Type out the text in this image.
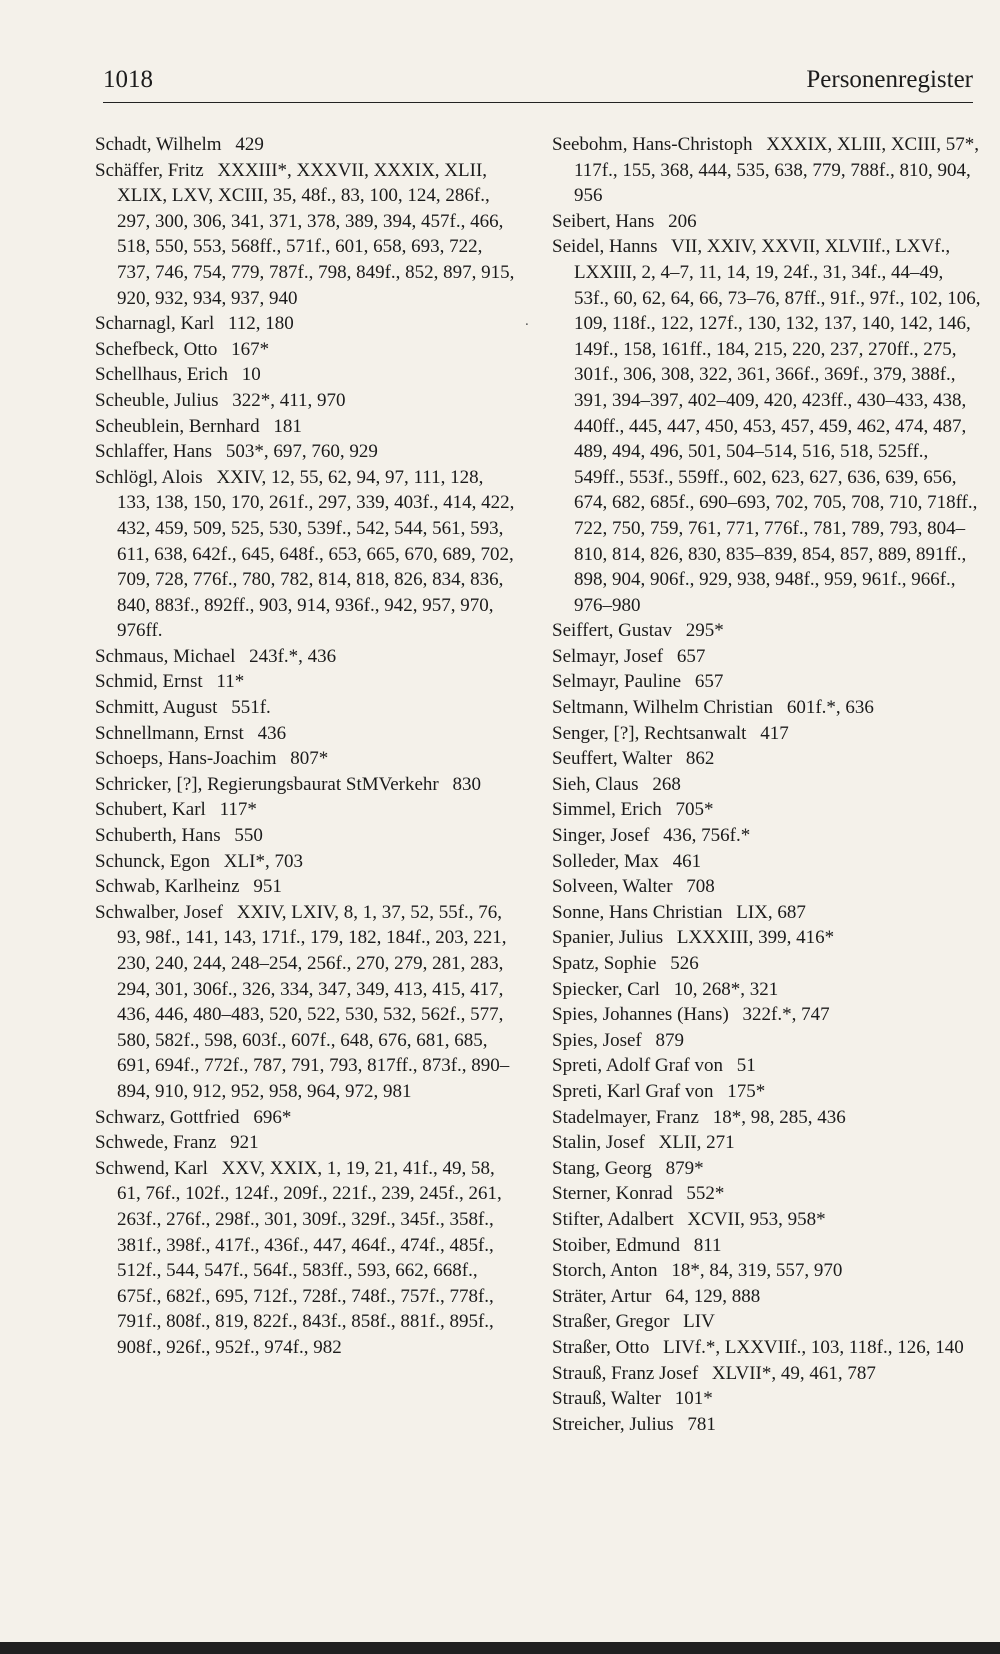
1018	Personenregister
Schadt, Wilhelm 429
Schäffer, Fritz XXXIII*, XXXVII, XXXIX, XLII, XLIX, LXV, XCIII, 35, 48f., 83, 100, 124, 286f., 297, 300, 306, 341, 371, 378, 389, 394, 457f., 466, 518, 550, 553, 568ff., 571f., 601, 658, 693, 722, 737, 746, 754, 779, 787f., 798, 849f., 852, 897, 915, 920, 932, 934, 937, 940
Scharnagl, Karl 112, 180
Schefbeck, Otto 167*
Schellhaus, Erich 10
Scheuble, Julius 322*, 411, 970
Scheublein, Bernhard 181
Schlaffer, Hans 503*, 697, 760, 929
Schlögl, Alois XXIV, 12, 55, 62, 94, 97, 111, 128, 133, 138, 150, 170, 261f., 297, 339, 403f., 414, 422, 432, 459, 509, 525, 530, 539f., 542, 544, 561, 593, 611, 638, 642f., 645, 648f., 653, 665, 670, 689, 702, 709, 728, 776f., 780, 782, 814, 818, 826, 834, 836, 840, 883f., 892ff., 903, 914, 936f., 942, 957, 970, 976ff.
Schmaus, Michael 243f.*, 436
Schmid, Ernst 11*
Schmitt, August 551f.
Schnellmann, Ernst 436
Schoeps, Hans-Joachim 807*
Schricker, [?], Regierungsbaurat StMVerkehr 830
Schubert, Karl 117*
Schuberth, Hans 550
Schunck, Egon XLI*, 703
Schwab, Karlheinz 951
Schwalber, Josef XXIV, LXIV, 8, 1, 37, 52, 55f., 76, 93, 98f., 141, 143, 171f., 179, 182, 184f., 203, 221, 230, 240, 244, 248–254, 256f., 270, 279, 281, 283, 294, 301, 306f., 326, 334, 347, 349, 413, 415, 417, 436, 446, 480–483, 520, 522, 530, 532, 562f., 577, 580, 582f., 598, 603f., 607f., 648, 676, 681, 685, 691, 694f., 772f., 787, 791, 793, 817ff., 873f., 890–894, 910, 912, 952, 958, 964, 972, 981
Schwarz, Gottfried 696*
Schwede, Franz 921
Schwend, Karl XXV, XXIX, 1, 19, 21, 41f., 49, 58, 61, 76f., 102f., 124f., 209f., 221f., 239, 245f., 261, 263f., 276f., 298f., 301, 309f., 329f., 345f., 358f., 381f., 398f., 417f., 436f., 447, 464f., 474f., 485f., 512f., 544, 547f., 564f., 583ff., 593, 662, 668f., 675f., 682f., 695, 712f., 728f., 748f., 757f., 778f., 791f., 808f., 819, 822f., 843f., 858f., 881f., 895f., 908f., 926f., 952f., 974f., 982
Seebohm, Hans-Christoph XXXIX, XLIII, XCIII, 57*, 117f., 155, 368, 444, 535, 638, 779, 788f., 810, 904, 956
Seibert, Hans 206
Seidel, Hanns VII, XXIV, XXVII, XLVIIf., LXVf., LXXIII, 2, 4–7, 11, 14, 19, 24f., 31, 34f., 44–49, 53f., 60, 62, 64, 66, 73–76, 87ff., 91f., 97f., 102, 106, 109, 118f., 122, 127f., 130, 132, 137, 140, 142, 146, 149f., 158, 161ff., 184, 215, 220, 237, 270ff., 275, 301f., 306, 308, 322, 361, 366f., 369f., 379, 388f., 391, 394–397, 402–409, 420, 423ff., 430–433, 438, 440ff., 445, 447, 450, 453, 457, 459, 462, 474, 487, 489, 494, 496, 501, 504–514, 516, 518, 525ff., 549ff., 553f., 559ff., 602, 623, 627, 636, 639, 656, 674, 682, 685f., 690–693, 702, 705, 708, 710, 718ff., 722, 750, 759, 761, 771, 776f., 781, 789, 793, 804–810, 814, 826, 830, 835–839, 854, 857, 889, 891ff., 898, 904, 906f., 929, 938, 948f., 959, 961f., 966f., 976–980
Seiffert, Gustav 295*
Selmayr, Josef 657
Selmayr, Pauline 657
Seltmann, Wilhelm Christian 601f.*, 636
Senger, [?], Rechtsanwalt 417
Seuffert, Walter 862
Sieh, Claus 268
Simmel, Erich 705*
Singer, Josef 436, 756f.*
Solleder, Max 461
Solveen, Walter 708
Sonne, Hans Christian LIX, 687
Spanier, Julius LXXXIII, 399, 416*
Spatz, Sophie 526
Spiecker, Carl 10, 268*, 321
Spies, Johannes (Hans) 322f.*, 747
Spies, Josef 879
Spreti, Adolf Graf von 51
Spreti, Karl Graf von 175*
Stadelmayer, Franz 18*, 98, 285, 436
Stalin, Josef XLII, 271
Stang, Georg 879*
Sterner, Konrad 552*
Stifter, Adalbert XCVII, 953, 958*
Stoiber, Edmund 811
Storch, Anton 18*, 84, 319, 557, 970
Sträter, Artur 64, 129, 888
Straßer, Gregor LIV
Straßer, Otto LIVf.*, LXXVIIf., 103, 118f., 126, 140
Strauß, Franz Josef XLVII*, 49, 461, 787
Strauß, Walter 101*
Streicher, Julius 781
.
